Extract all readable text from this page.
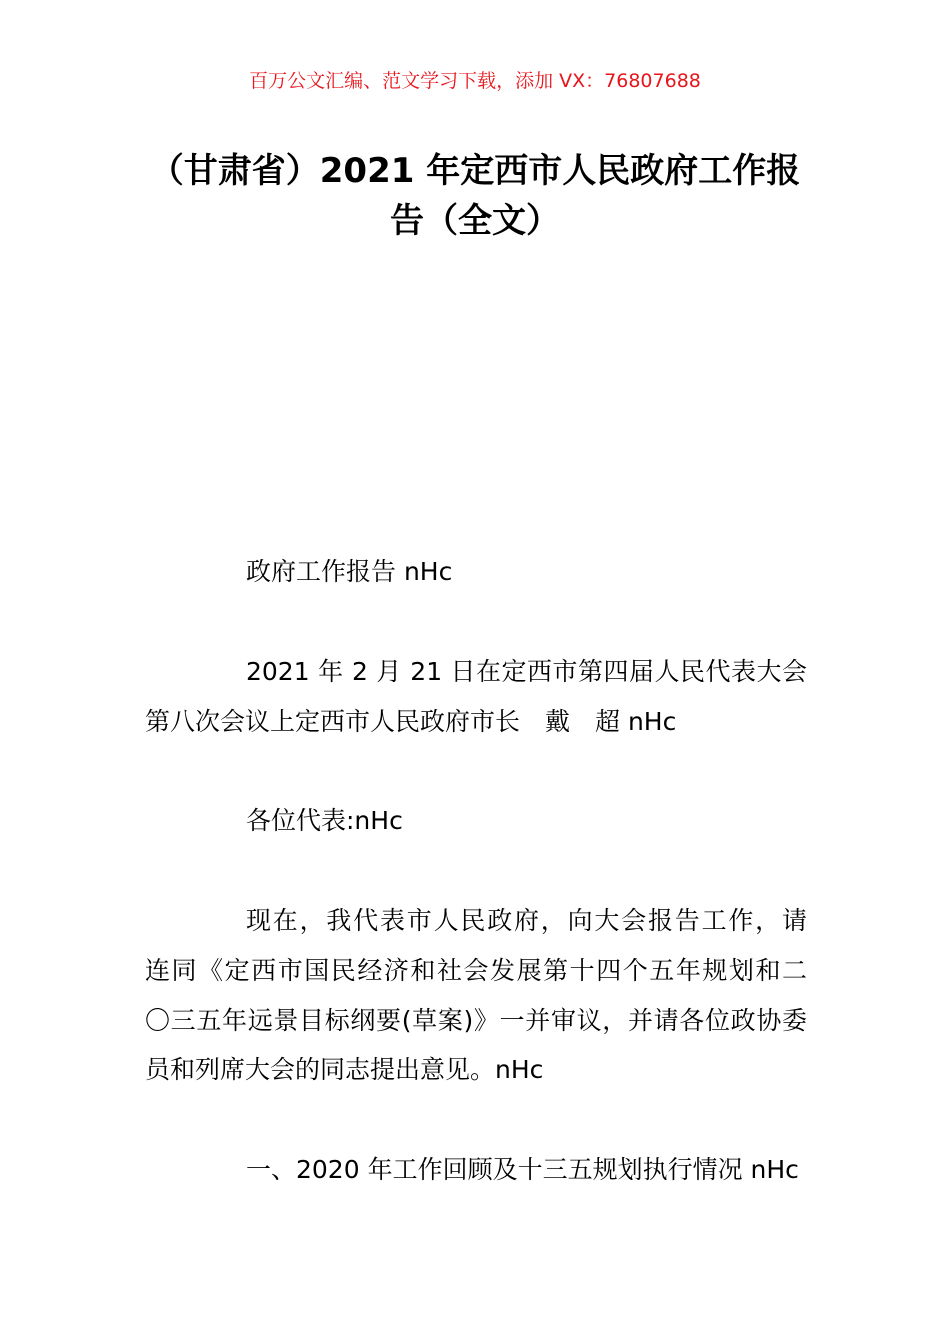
百万公文汇编、范文学习下载，添加 VX：76807688
（甘肃省）2021 年定西市人民政府工作报
告（全文）
政府工作报告 nHc
2021 年 2 月 21 日在定西市第四届人民代表大会
第八次会议上定西市人民政府市长　戴　超 nHc
各位代表:nHc
现在，我代表市人民政府，向大会报告工作，请
连同《定西市国民经济和社会发展第十四个五年规划和二
〇三五年远景目标纲要(草案)》一并审议，并请各位政协委
员和列席大会的同志提出意见。nHc
一、2020 年工作回顾及十三五规划执行情况 nHc
